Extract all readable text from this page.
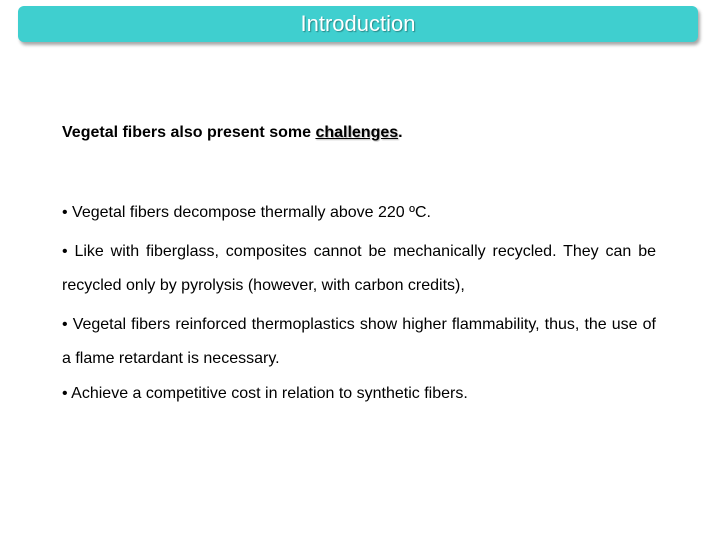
Introduction
Vegetal fibers also present some challenges.
• Vegetal fibers decompose thermally above 220 ºC.
• Like with fiberglass, composites cannot be mechanically recycled. They can be recycled only by pyrolysis (however, with carbon credits),
• Vegetal fibers reinforced thermoplastics show higher flammability, thus, the use of a flame retardant is necessary.
• Achieve a competitive cost in relation to synthetic fibers.
